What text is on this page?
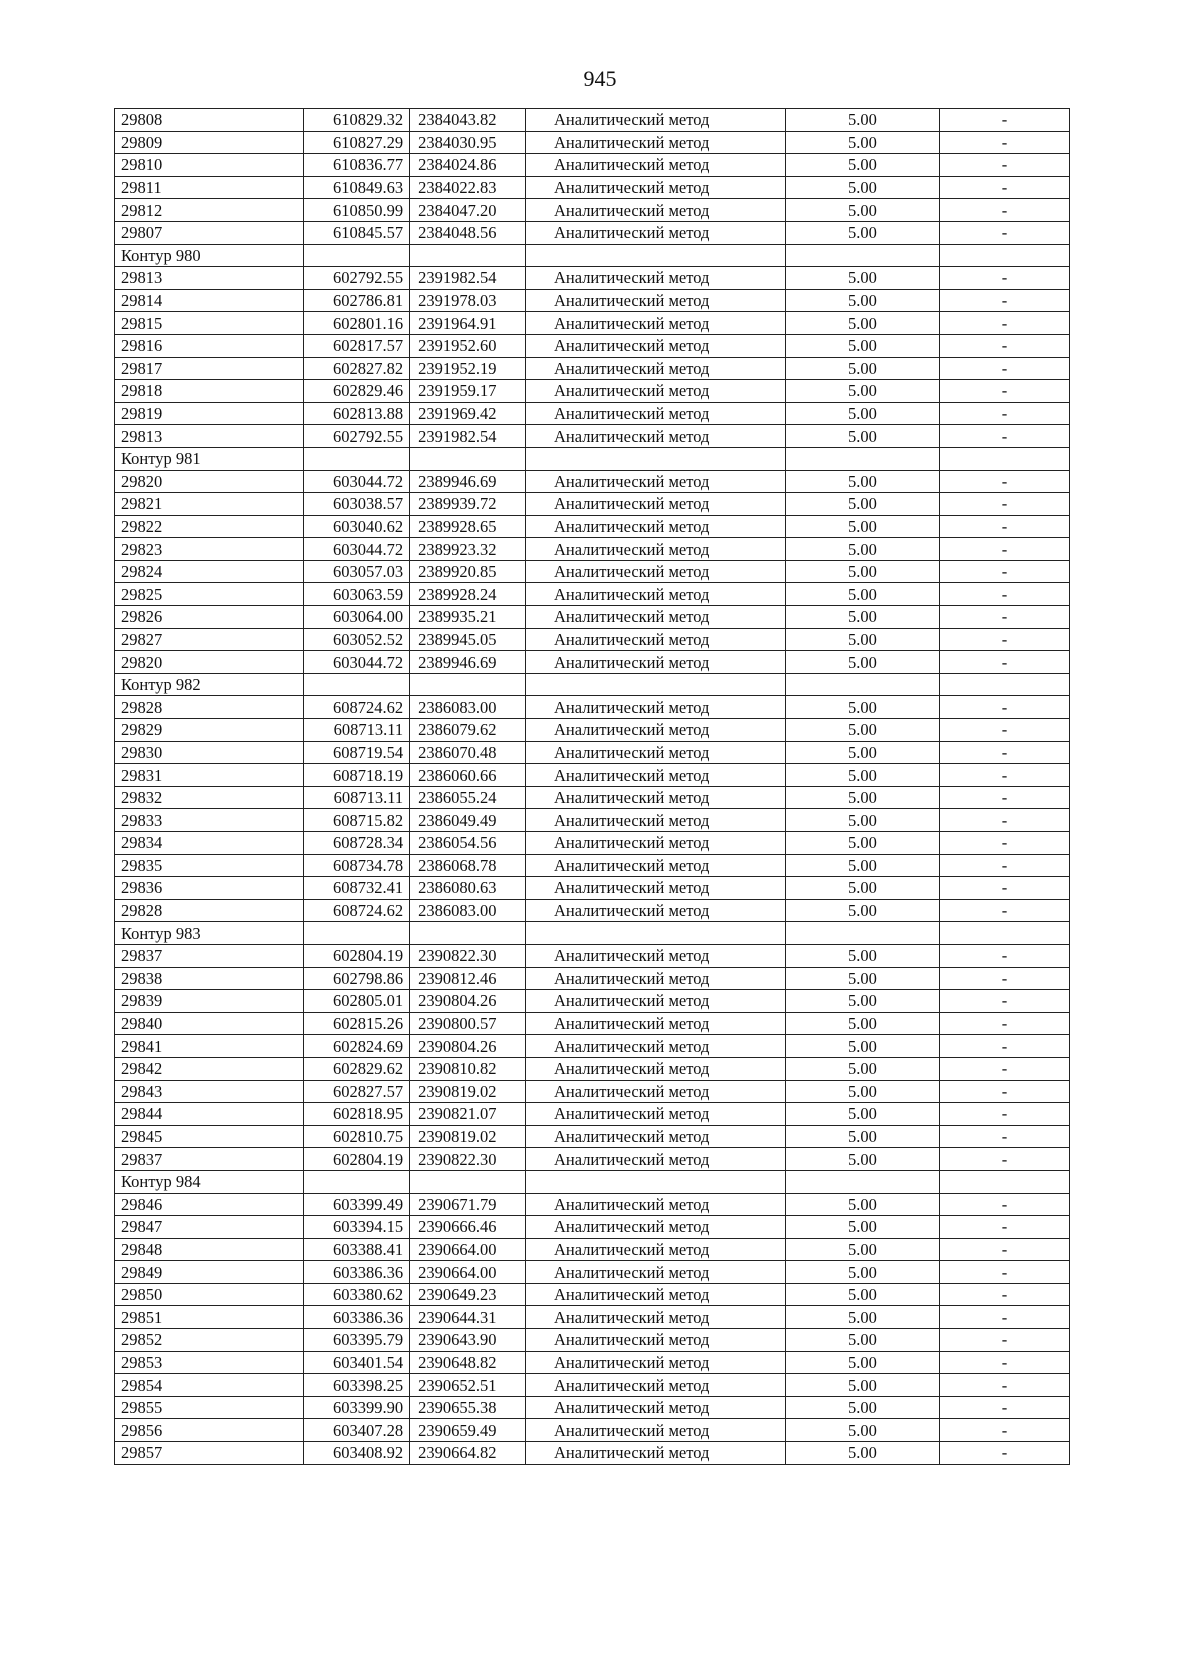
945
29808	610829.32	2384043.82	Аналитический метод	5.00	-
29809	610827.29	2384030.95	Аналитический метод	5.00	-
29810	610836.77	2384024.86	Аналитический метод	5.00	-
29811	610849.63	2384022.83	Аналитический метод	5.00	-
29812	610850.99	2384047.20	Аналитический метод	5.00	-
29807	610845.57	2384048.56	Аналитический метод	5.00	-
Контур 980					
29813	602792.55	2391982.54	Аналитический метод	5.00	-
29814	602786.81	2391978.03	Аналитический метод	5.00	-
29815	602801.16	2391964.91	Аналитический метод	5.00	-
29816	602817.57	2391952.60	Аналитический метод	5.00	-
29817	602827.82	2391952.19	Аналитический метод	5.00	-
29818	602829.46	2391959.17	Аналитический метод	5.00	-
29819	602813.88	2391969.42	Аналитический метод	5.00	-
29813	602792.55	2391982.54	Аналитический метод	5.00	-
Контур 981					
29820	603044.72	2389946.69	Аналитический метод	5.00	-
29821	603038.57	2389939.72	Аналитический метод	5.00	-
29822	603040.62	2389928.65	Аналитический метод	5.00	-
29823	603044.72	2389923.32	Аналитический метод	5.00	-
29824	603057.03	2389920.85	Аналитический метод	5.00	-
29825	603063.59	2389928.24	Аналитический метод	5.00	-
29826	603064.00	2389935.21	Аналитический метод	5.00	-
29827	603052.52	2389945.05	Аналитический метод	5.00	-
29820	603044.72	2389946.69	Аналитический метод	5.00	-
Контур 982					
29828	608724.62	2386083.00	Аналитический метод	5.00	-
29829	608713.11	2386079.62	Аналитический метод	5.00	-
29830	608719.54	2386070.48	Аналитический метод	5.00	-
29831	608718.19	2386060.66	Аналитический метод	5.00	-
29832	608713.11	2386055.24	Аналитический метод	5.00	-
29833	608715.82	2386049.49	Аналитический метод	5.00	-
29834	608728.34	2386054.56	Аналитический метод	5.00	-
29835	608734.78	2386068.78	Аналитический метод	5.00	-
29836	608732.41	2386080.63	Аналитический метод	5.00	-
29828	608724.62	2386083.00	Аналитический метод	5.00	-
Контур 983					
29837	602804.19	2390822.30	Аналитический метод	5.00	-
29838	602798.86	2390812.46	Аналитический метод	5.00	-
29839	602805.01	2390804.26	Аналитический метод	5.00	-
29840	602815.26	2390800.57	Аналитический метод	5.00	-
29841	602824.69	2390804.26	Аналитический метод	5.00	-
29842	602829.62	2390810.82	Аналитический метод	5.00	-
29843	602827.57	2390819.02	Аналитический метод	5.00	-
29844	602818.95	2390821.07	Аналитический метод	5.00	-
29845	602810.75	2390819.02	Аналитический метод	5.00	-
29837	602804.19	2390822.30	Аналитический метод	5.00	-
Контур 984					
29846	603399.49	2390671.79	Аналитический метод	5.00	-
29847	603394.15	2390666.46	Аналитический метод	5.00	-
29848	603388.41	2390664.00	Аналитический метод	5.00	-
29849	603386.36	2390664.00	Аналитический метод	5.00	-
29850	603380.62	2390649.23	Аналитический метод	5.00	-
29851	603386.36	2390644.31	Аналитический метод	5.00	-
29852	603395.79	2390643.90	Аналитический метод	5.00	-
29853	603401.54	2390648.82	Аналитический метод	5.00	-
29854	603398.25	2390652.51	Аналитический метод	5.00	-
29855	603399.90	2390655.38	Аналитический метод	5.00	-
29856	603407.28	2390659.49	Аналитический метод	5.00	-
29857	603408.92	2390664.82	Аналитический метод	5.00	-
